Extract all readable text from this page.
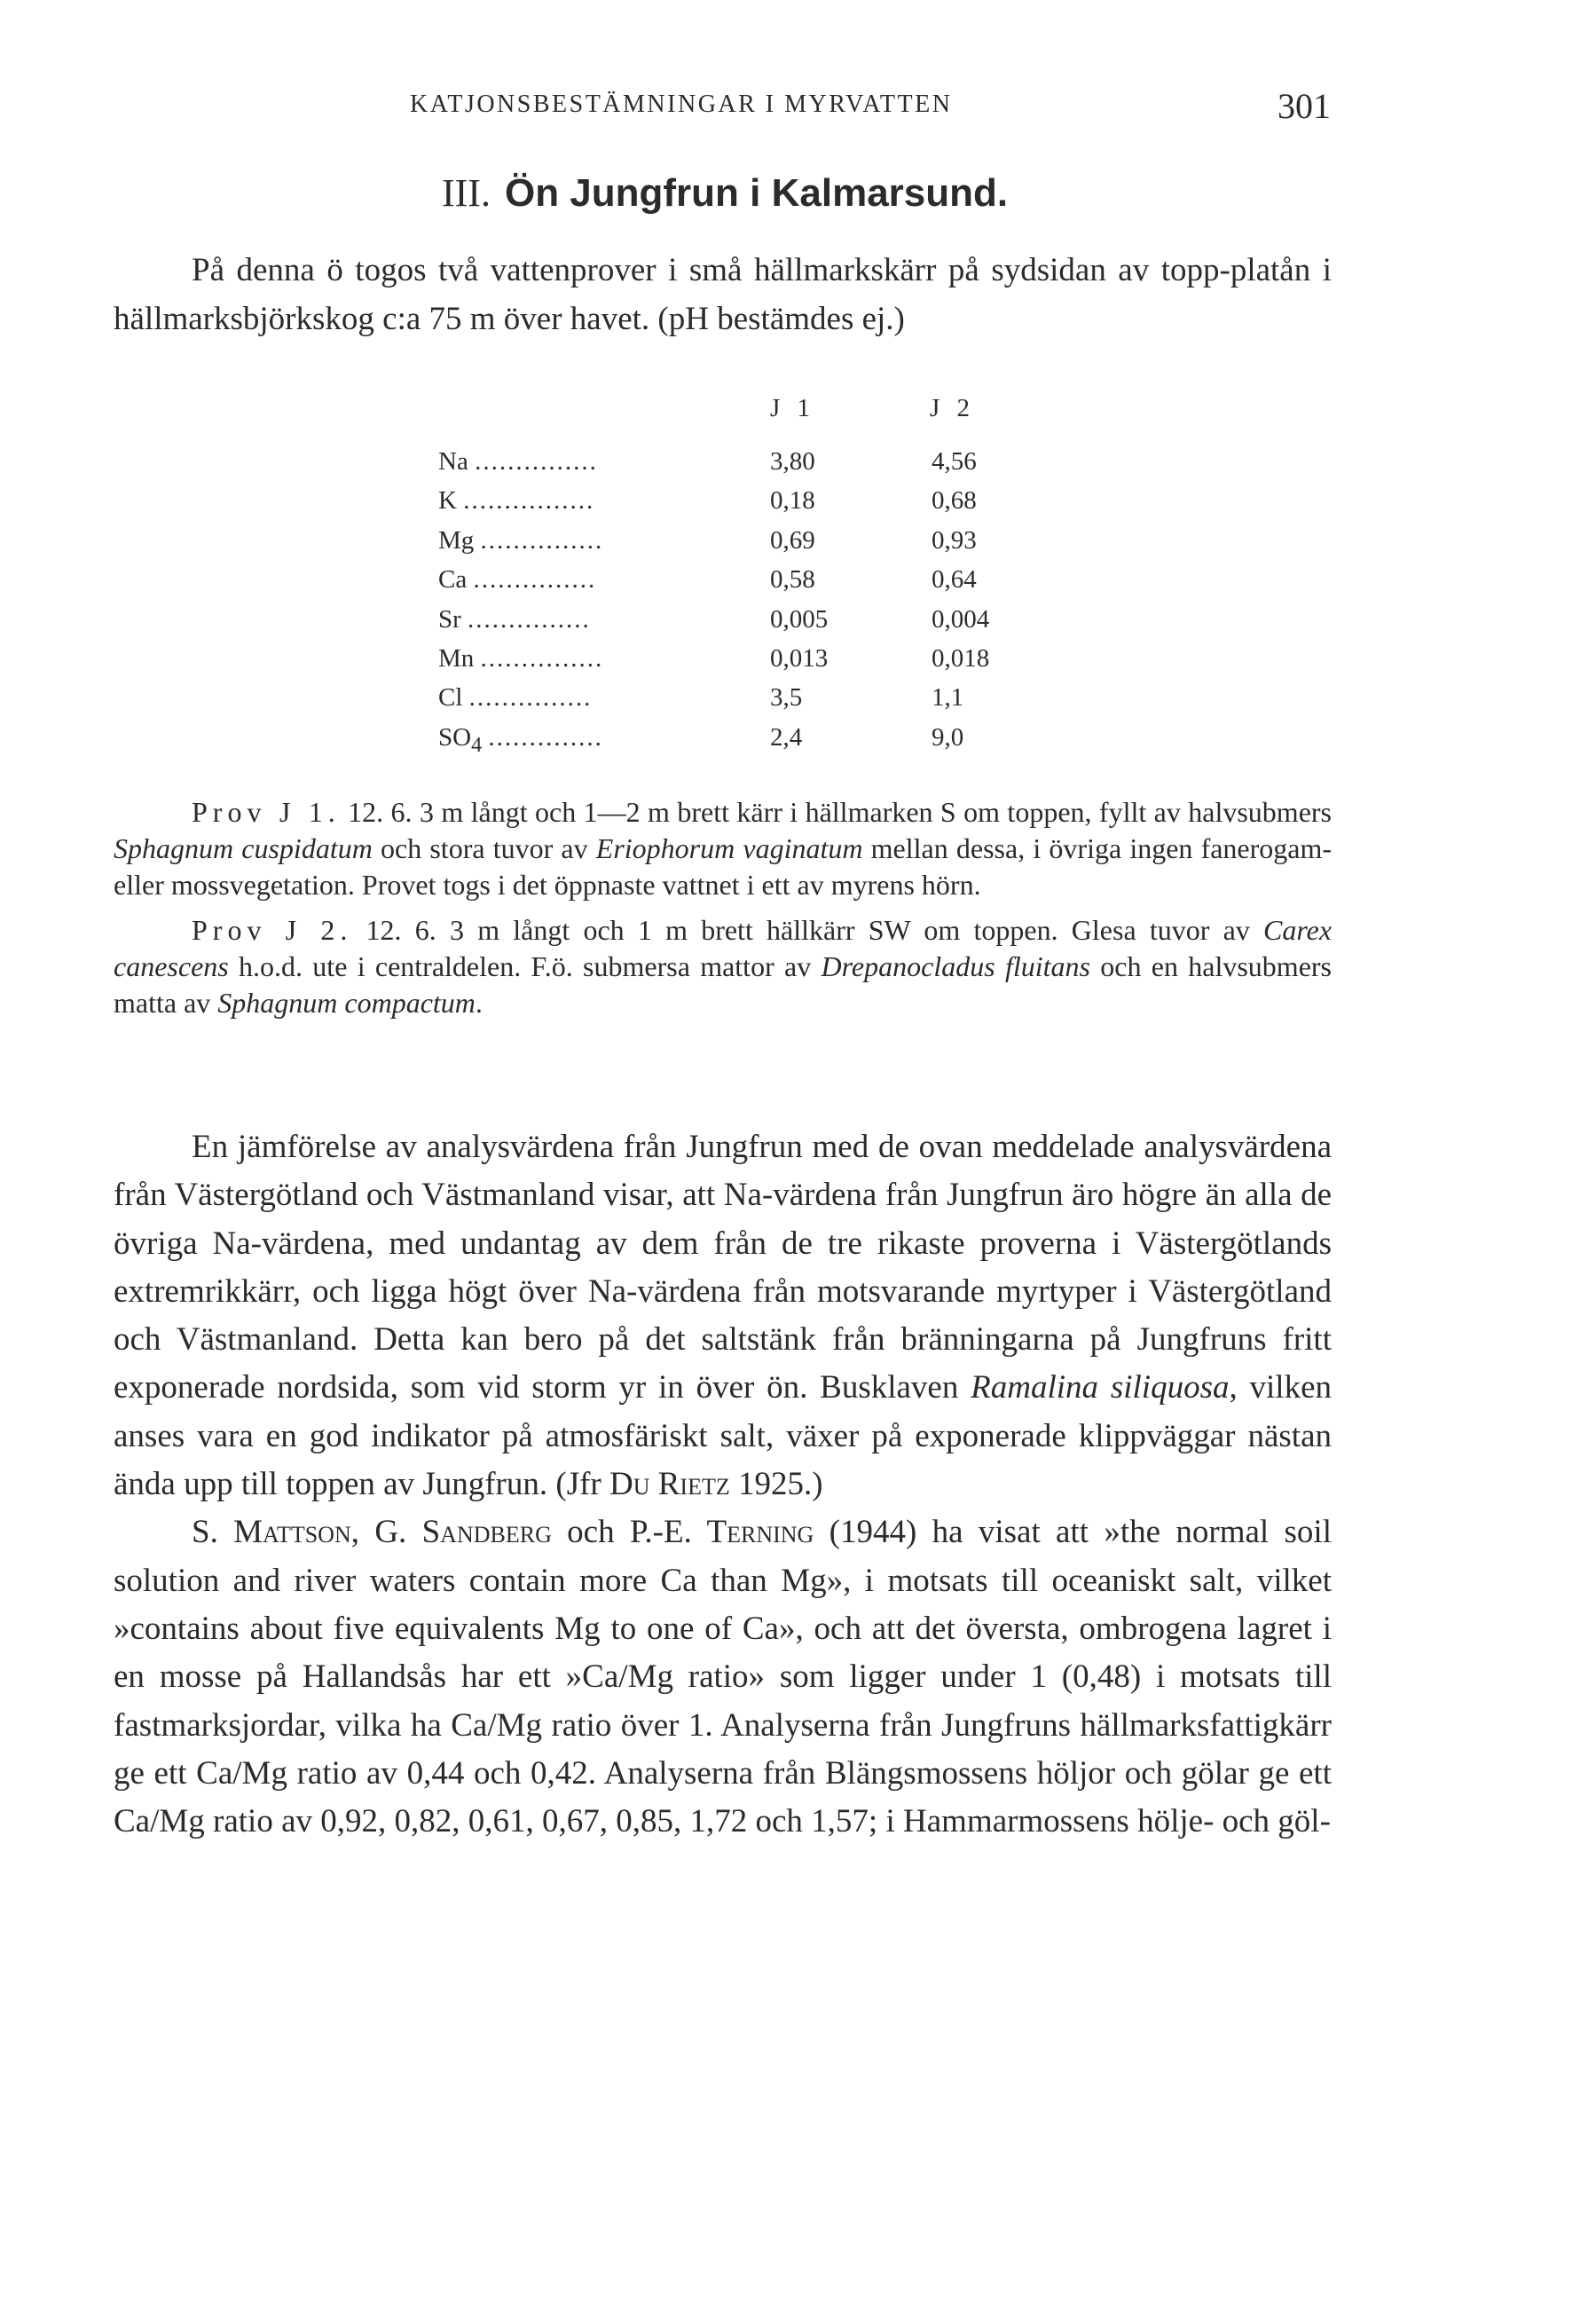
KATJONSBESTÄMNINGAR I MYRVATTEN	301
III. Ön Jungfrun i Kalmarsund.

På denna ö togos två vattenprover i små hällmarkskärr på sydsidan av topp-platån i hällmarksbjörkskog c:a 75 m över havet. (pH bestämdes ej.)

J 1	J 2
Na ...............	3,80	4,56
K ................	0,18	0,68
Mg ...............	0,69	0,93
Ca ...............	0,58	0,64
Sr ...............	0,005	0,004
Mn ...............	0,013	0,018
Cl ...............	3,5	1,1
$SO_4$ ..............	2,4	9,0

Prov J 1. 12. 6. 3 m långt och 1—2 m brett kärr i hällmarken S om toppen, fyllt av halvsubmers Sphagnum cuspidatum och stora tuvor av Eriophorum vaginatum mellan dessa, i övriga ingen fanerogam- eller mossvegetation. Provet togs i det öppnaste vattnet i ett av myrens hörn.

Prov J 2. 12. 6. 3 m långt och 1 m brett hällkärr SW om toppen. Glesa tuvor av Carex canescens h.o.d. ute i centraldelen. F.ö. submersa mattor av Drepanocladus fluitans och en halvsubmers matta av Sphagnum compactum.

En jämförelse av analysvärdena från Jungfrun med de ovan meddelade analysvärdena från Västergötland och Västmanland visar, att Na-värdena från Jungfrun äro högre än alla de övriga Na-värdena, med undantag av dem från de tre rikaste proverna i Västergötlands extremrikkärr, och ligga högt över Na-värdena från motsvarande myrtyper i Västergötland och Västmanland. Detta kan bero på det saltstänk från bränningarna på Jungfruns fritt exponerade nordsida, som vid storm yr in över ön. Busklaven Ramalina siliquosa, vilken anses vara en god indikator på atmosfäriskt salt, växer på exponerade klippväggar nästan ända upp till toppen av Jungfrun. (Jfr Du Rietz 1925.)

S. Mattson, G. Sandberg och P.-E. Terning (1944) ha visat att »the normal soil solution and river waters contain more Ca than Mg», i motsats till oceaniskt salt, vilket »contains about five equivalents Mg to one of Ca», och att det översta, ombrogena lagret i en mosse på Hallandsås har ett »Ca/Mg ratio» som ligger under 1 (0,48) i motsats till fastmarksjordar, vilka ha Ca/Mg ratio över 1. Analyserna från Jungfruns hällmarksfattigkärr ge ett Ca/Mg ratio av 0,44 och 0,42. Analyserna från Blängsmossens höljor och gölar ge ett Ca/Mg ratio av 0,92, 0,82, 0,61, 0,67, 0,85, 1,72 och 1,57; i Hammarmossens hölje- och göl-
